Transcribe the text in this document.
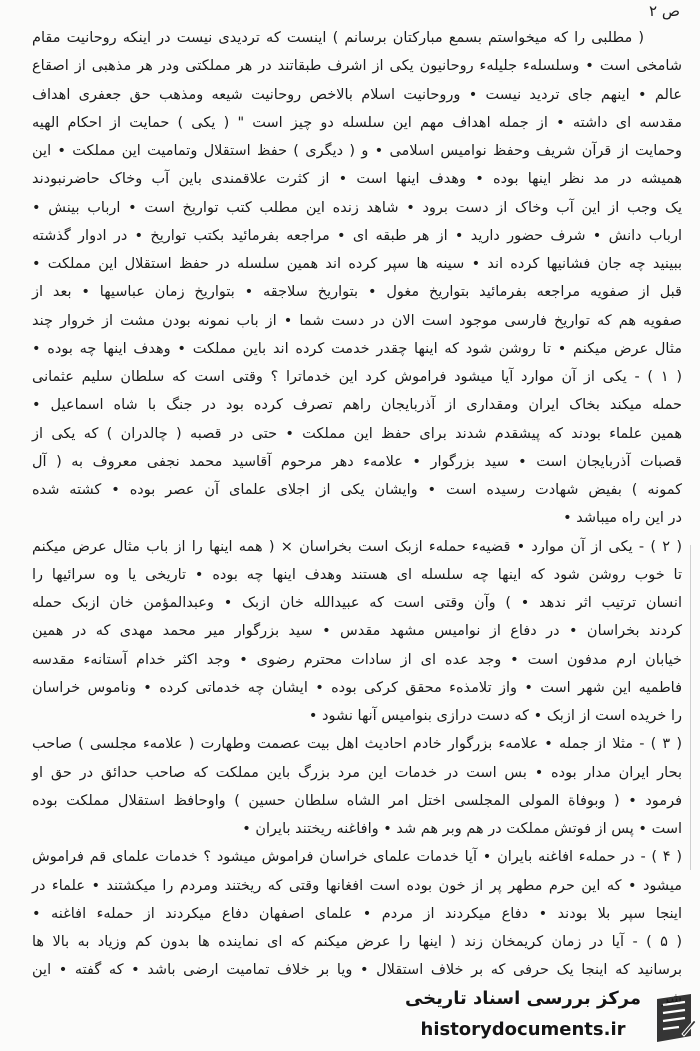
ص ۲
( مطلبی را که میخواستم بسمع مبارکتان برسانم ) اینست که تردیدی نیست در اینکه روحانیت مقام
شامخی است • وسلسلهء جلیلهء روحانیون یکی از اشرف طبقاتند در هر مملکتی ودر هر مذهبی از اصقاع
عالم • اینهم جای تردید نیست • وروحانیت اسلام بالاخص روحانیت شیعه ومذهب حق جعفری اهداف
مقدسه ای داشته • از جمله اهداف مهم این سلسله دو چیز است " ( یکی ) حمایت از احکام الهیه
وحمایت از قرآن شریف وحفظ نوامیس اسلامی • و ( دیگری ) حفظ استقلال وتمامیت این مملکت • این
همیشه در مد نظر اینها بوده • وهدف اینها است • از کثرت علاقمندی باین آب وخاک حاضرنبودند
یک وجب از این آب وخاک از دست برود • شاهد زنده این مطلب کتب تواریخ است • ارباب بینش •
ارباب دانش • شرف حضور دارید • از هر طبقه ای • مراجعه بفرمائید بکتب تواریخ • در ادوار گذشته
ببینید چه جان فشانیها کرده اند • سینه ها سپر کرده اند همین سلسله در حفظ استقلال این مملکت •
قبل از صفویه مراجعه بفرمائید بتواریخ مغول • بتواریخ سلاجقه • بتواریخ زمان عباسیها • بعد از
صفویه هم که تواریخ فارسی موجود است الان در دست شما • از باب نمونه بودن مشت از خروار چند
مثال عرض میکنم • تا روشن شود که اینها چقدر خدمت کرده اند باین مملکت • وهدف اینها چه بوده •
( ۱ ) - یکی از آن موارد آیا میشود فراموش کرد این خدماترا ؟ وقتی است که سلطان سلیم عثمانی
حمله میکند بخاک ایران ومقداری از آذربایجان راهم تصرف کرده بود در جنگ با شاه اسماعیل •
همین علماء بودند که پیشقدم شدند برای حفظ این مملکت • حتی در قصبه ( چالدران ) که یکی از
قصبات آذربایجان است • سید بزرگوار • علامهء دهر مرحوم آقاسید محمد نجفی معروف به ( آل
کمونه ) بفیض شهادت رسیده است • وایشان یکی از اجلای علمای آن عصر بوده • کشته شده
در این راه میباشد •
( ۲ ) - یکی از آن موارد • قضیهء حملهء ازبک است بخراسان × ( همه اینها را از باب مثال عرض میکنم
تا خوب روشن شود که اینها چه سلسله ای هستند وهدف اینها چه بوده • تاریخی یا وه سرائیها را
انسان ترتیب اثر ندهد • ) وآن وقتی است که عبیدالله خان ازبک • وعبدالمؤمن خان ازبک حمله
کردند بخراسان • در دفاع از نوامیس مشهد مقدس • سید بزرگوار میر محمد مهدی که در همین
خیابان ارم مدفون است • وجد عده ای از سادات محترم رضوی • وجد اکثر خدام آستانهء مقدسه
فاطمیه این شهر است • واز تلامذهء محقق کرکی بوده • ایشان چه خدماتی کرده • وناموس خراسان
را خریده است از ازبک • که دست درازی بنوامیس آنها نشود •
( ۳ ) - مثلا از جمله • علامهء بزرگوار خادم احادیث اهل بیت عصمت وطهارت ( علامهء مجلسی ) صاحب
بحار ایران مدار بوده • بس است در خدمات این مرد بزرگ باین مملکت که صاحب حدائق در حق او
فرمود • ( وبوفاة المولی المجلسی اختل امر الشاه سلطان حسین ) واوحافظ استقلال مملکت بوده
است • پس از فوتش مملکت در هم وبر هم شد • وافاغنه ریختند بایران •
( ۴ ) - در حملهء افاغنه بایران • آیا خدمات علمای خراسان فراموش میشود ؟ خدمات علمای قم فراموش
میشود • که این حرم مطهر پر از خون بوده است افغانها وقتی که ریختند ومردم را میکشتند • علماء در
اینجا سپر بلا بودند • دفاع میکردند از مردم • علمای اصفهان دفاع میکردند از حملهء افاغنه •
( ۵ ) - آیا در زمان کریمخان زند ( اینها را عرض میکنم که ای نماینده ها بدون کم وزیاد به بالا ها
برسانید که اینجا یک حرفی که بر خلاف استقلال • ویا بر خلاف تمامیت ارضی باشد • که گفته • این
مرکز بررسی اسناد تاریخی
historydocuments.ir
